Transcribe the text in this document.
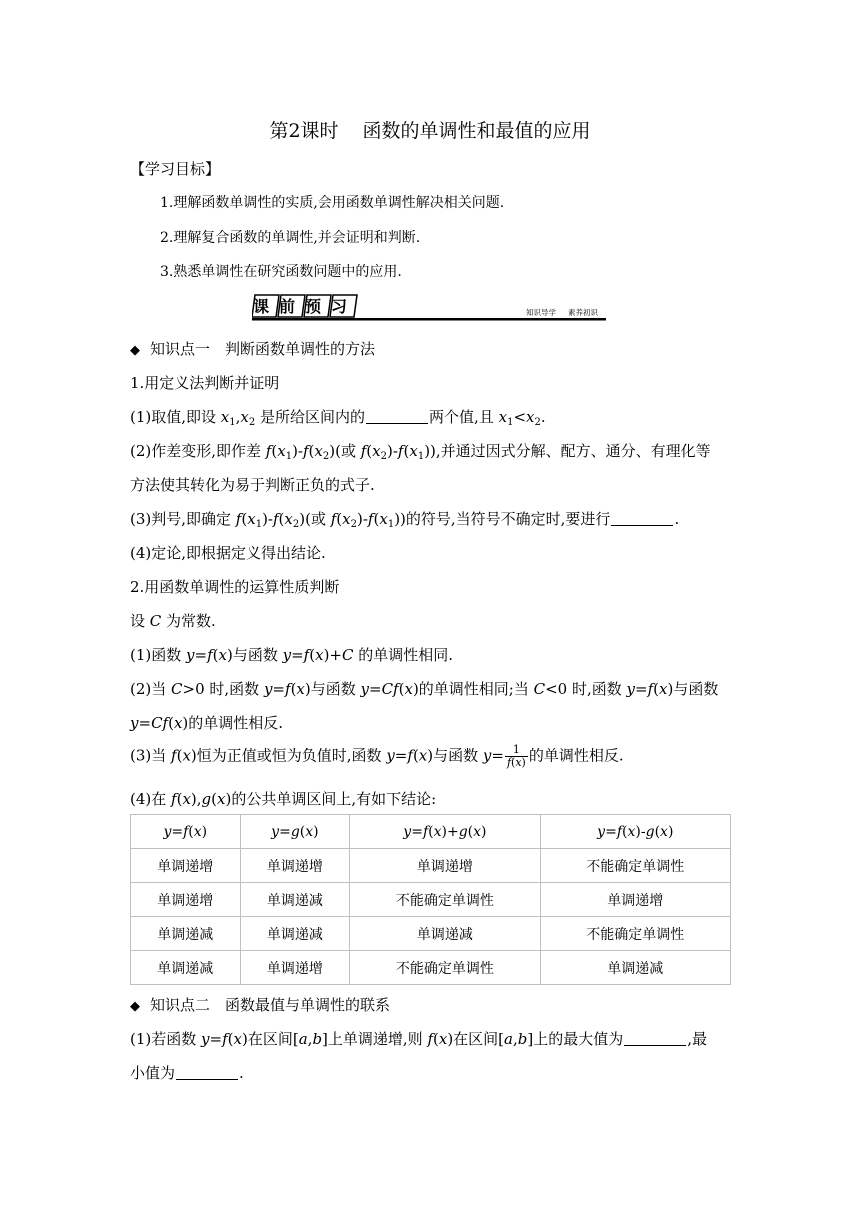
第2课时 函数的单调性和最值的应用
【学习目标】
1.理解函数单调性的实质,会用函数单调性解决相关问题.
2.理解复合函数的单调性,并会证明和判断.
3.熟悉单调性在研究函数问题中的应用.
课前预习	知识导学 素养初识
◆ 知识点一　判断函数单调性的方法
1.用定义法判断并证明
(1)取值,即设 $x_1,x_2$ 是所给区间内的	两个值,且 $x_1<x_2$.
(2)作差变形,即作差 $f(x_1)-f(x_2)$(或 $f(x_2)-f(x_1)$),并通过因式分解、配方、通分、有理化等
方法使其转化为易于判断正负的式子.
(3)判号,即确定 $f(x_1)-f(x_2)$(或 $f(x_2)-f(x_1)$)的符号,当符号不确定时,要进行	.
(4)定论,即根据定义得出结论.
2.用函数单调性的运算性质判断
设 C 为常数.
(1)函数 y=f(x)与函数 y=f(x)+C 的单调性相同.
(2)当 C>0 时,函数 y=f(x)与函数 y=Cf(x)的单调性相同;当 C<0 时,函数 y=f(x)与函数
y=Cf(x)的单调性相反.
(3)当 f(x)恒为正值或恒为负值时,函数 y=f(x)与函数 $y= \frac{1}{f(x)}$ 的单调性相反.
(4)在 f(x),g(x)的公共单调区间上,有如下结论:
y=f(x)	y=g(x)	y=f(x)+g(x)	y=f(x)-g(x)
单调递增	单调递增	单调递增	不能确定单调性
单调递增	单调递减	不能确定单调性	单调递增
单调递减	单调递减	单调递减	不能确定单调性
单调递减	单调递增	不能确定单调性	单调递减
◆ 知识点二　函数最值与单调性的联系
(1)若函数 y=f(x)在区间[a,b]上单调递增,则 f(x)在区间[a,b]上的最大值为	,最
小值为	.
